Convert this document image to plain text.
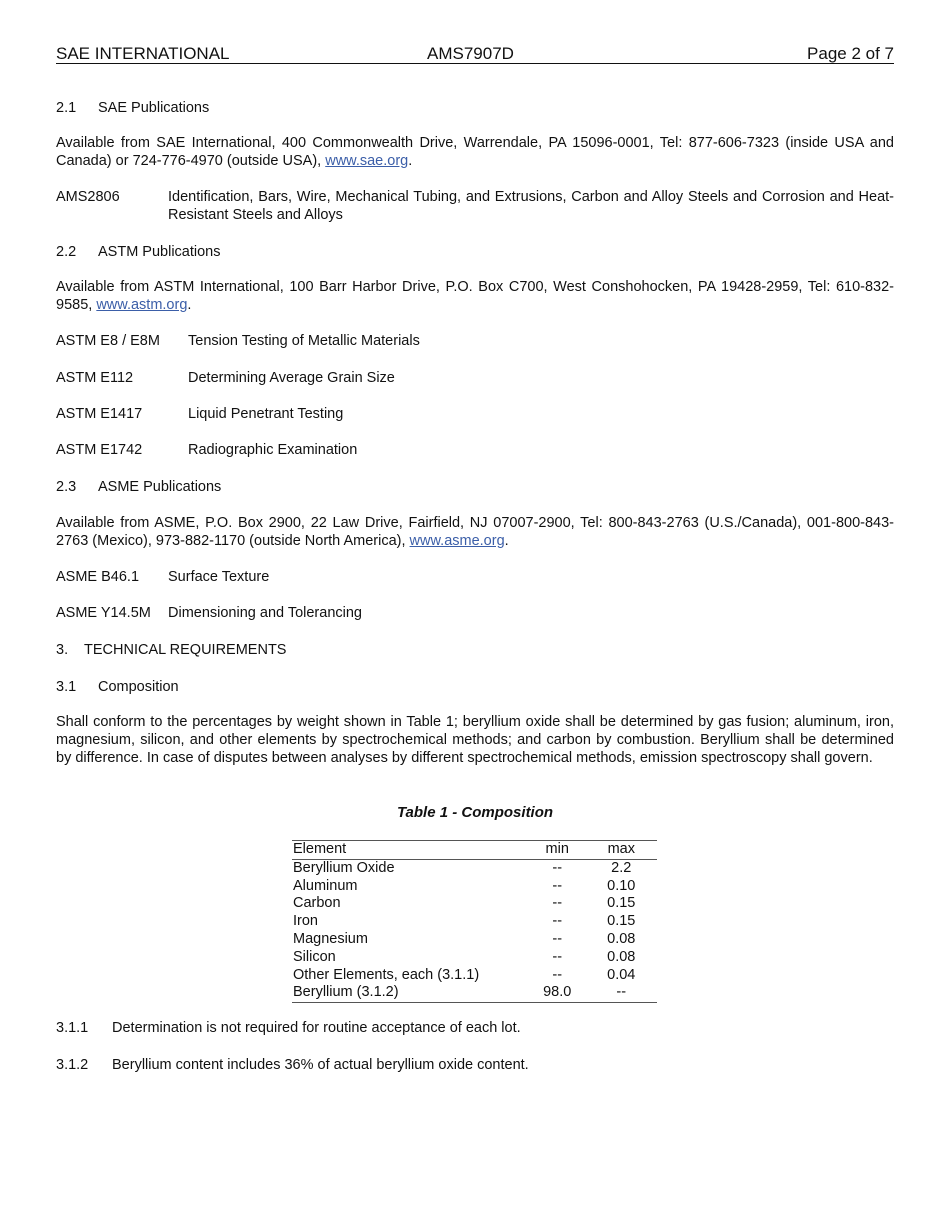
SAE INTERNATIONAL	AMS7907D	Page 2 of 7
2.1 SAE Publications
Available from SAE International, 400 Commonwealth Drive, Warrendale, PA 15096-0001, Tel: 877-606-7323 (inside USA and Canada) or 724-776-4970 (outside USA), www.sae.org.
AMS2806	Identification, Bars, Wire, Mechanical Tubing, and Extrusions, Carbon and Alloy Steels and Corrosion and Heat-Resistant Steels and Alloys
2.2 ASTM Publications
Available from ASTM International, 100 Barr Harbor Drive, P.O. Box C700, West Conshohocken, PA 19428-2959, Tel: 610-832-9585, www.astm.org.
ASTM E8 / E8M Tension Testing of Metallic Materials
ASTM E112	Determining Average Grain Size
ASTM E1417	Liquid Penetrant Testing
ASTM E1742	Radiographic Examination
2.3 ASME Publications
Available from ASME, P.O. Box 2900, 22 Law Drive, Fairfield, NJ 07007-2900, Tel: 800-843-2763 (U.S./Canada), 001-800-843-2763 (Mexico), 973-882-1170 (outside North America), www.asme.org.
ASME B46.1 Surface Texture
ASME Y14.5M Dimensioning and Tolerancing
3. TECHNICAL REQUIREMENTS
3.1 Composition
Shall conform to the percentages by weight shown in Table 1; beryllium oxide shall be determined by gas fusion; aluminum, iron, magnesium, silicon, and other elements by spectrochemical methods; and carbon by combustion. Beryllium shall be determined by difference. In case of disputes between analyses by different spectrochemical methods, emission spectroscopy shall govern.
Table 1 - Composition
Element	min	max
Beryllium Oxide	--	2.2
Aluminum	--	0.10
Carbon	--	0.15
Iron	--	0.15
Magnesium	--	0.08
Silicon	--	0.08
Other Elements, each (3.1.1)	--	0.04
Beryllium (3.1.2)	98.0	--
3.1.1 Determination is not required for routine acceptance of each lot.
3.1.2 Beryllium content includes 36% of actual beryllium oxide content.
